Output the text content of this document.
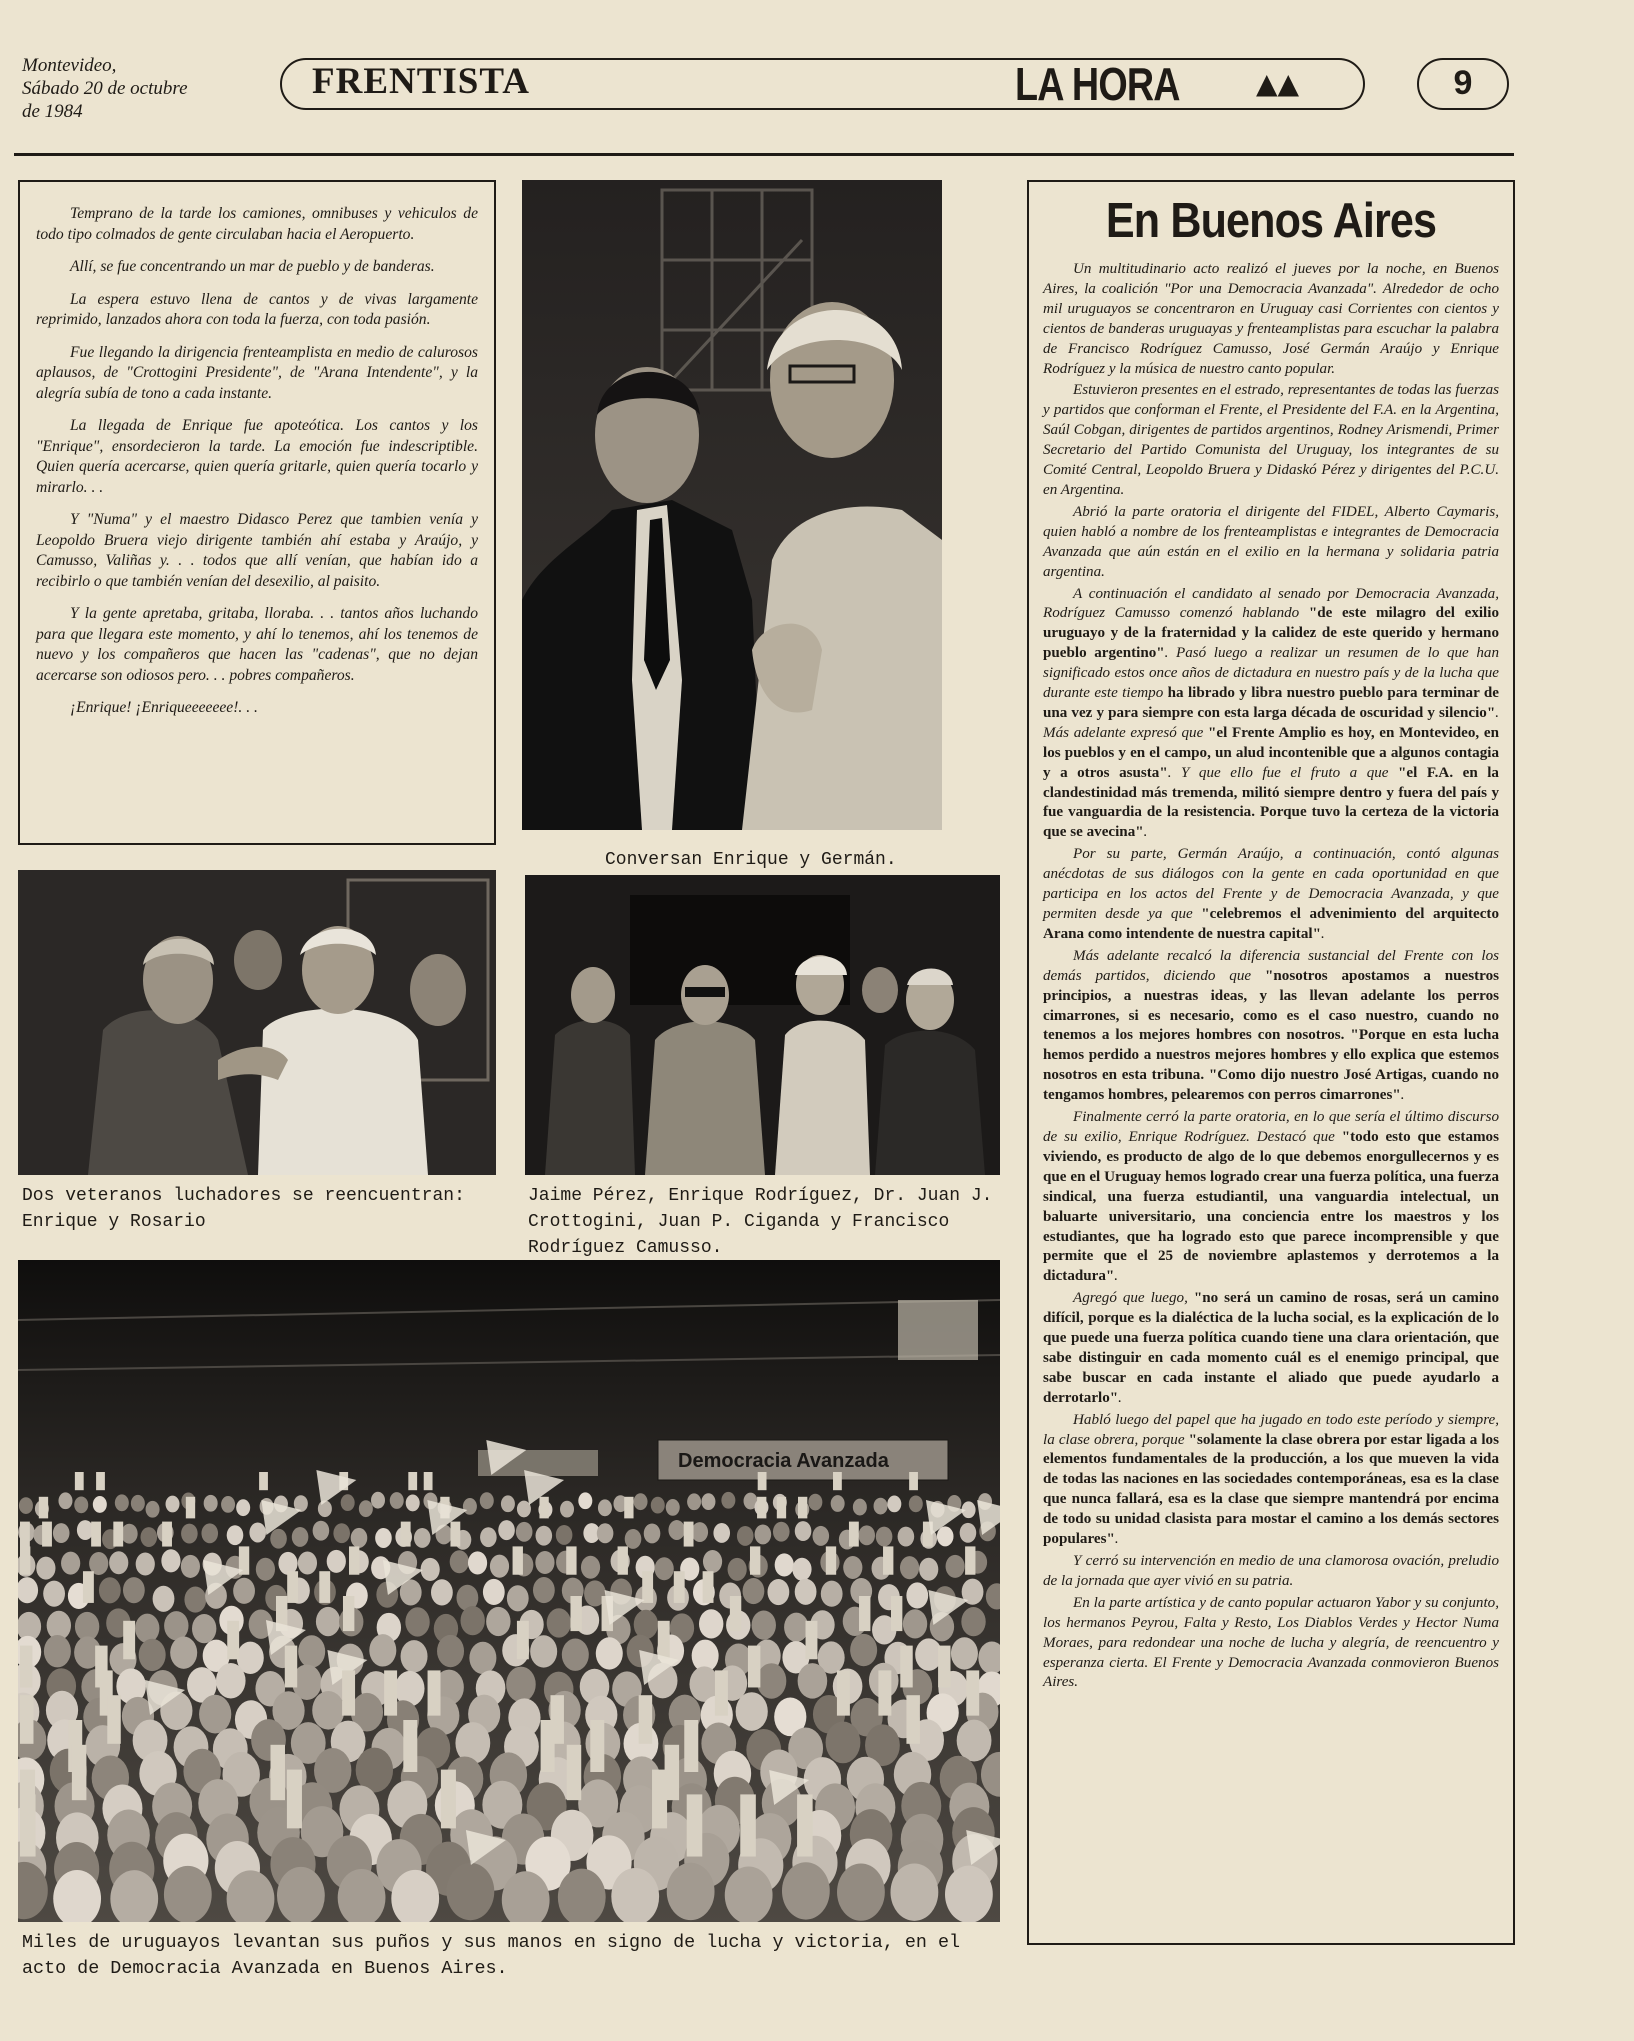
Montevideo,
Sábado 20 de octubre
de 1984
FRENTISTA	LA HORA	▲▲	9

Temprano de la tarde los camiones, omnibuses y vehiculos de todo tipo colmados de gente circulaban hacia el Aeropuerto.

Allí, se fue concentrando un mar de pueblo y de banderas.

La espera estuvo llena de cantos y de vivas largamente reprimido, lanzados ahora con toda la fuerza, con toda pasión.

Fue llegando la dirigencia frenteamplista en medio de calurosos aplausos, de "Crottogini Presidente", de "Arana Intendente", y la alegría subía de tono a cada instante.

La llegada de Enrique fue apoteótica. Los cantos y los "Enrique", ensordecieron la tarde. La emoción fue indescriptible. Quien quería acercarse, quien quería gritarle, quien quería tocarlo y mirarlo. . .

Y "Numa" y el maestro Didasco Perez que tambien venía y Leopoldo Bruera viejo dirigente también ahí estaba y Araújo, y Camusso, Valiñas y. . . todos que allí venían, que habían ido a recibirlo o que también venían del desexilio, al paisito.

Y la gente apretaba, gritaba, lloraba. . . tantos años luchando para que llegara este momento, y ahí lo tenemos, ahí los tenemos de nuevo y los compañeros que hacen las "cadenas", que no dejan acercarse son odiosos pero. . . pobres compañeros.

¡Enrique! ¡Enriqueeeeeee!. . .

Conversan Enrique y Germán.
Dos veteranos luchadores se reencuentran: Enrique y Rosario
Jaime Pérez, Enrique Rodríguez, Dr. Juan J. Crottogini, Juan P. Ciganda y Francisco Rodríguez Camusso.
Democracia Avanzada
Miles de uruguayos levantan sus puños y sus manos en signo de lucha y victoria, en el acto de Democracia Avanzada en Buenos Aires.
En Buenos Aires

Un multitudinario acto realizó el jueves por la noche, en Buenos Aires, la coalición "Por una Democracia Avanzada". Alrededor de ocho mil uruguayos se concentraron en Uruguay casi Corrientes con cientos y cientos de banderas uruguayas y frenteamplistas para escuchar la palabra de Francisco Rodríguez Camusso, José Germán Araújo y Enrique Rodríguez y la música de nuestro canto popular.

Estuvieron presentes en el estrado, representantes de todas las fuerzas y partidos que conforman el Frente, el Presidente del F.A. en la Argentina, Saúl Cobgan, dirigentes de partidos argentinos, Rodney Arismendi, Primer Secretario del Partido Comunista del Uruguay, los integrantes de su Comité Central, Leopoldo Bruera y Didaskó Pérez y dirigentes del P.C.U. en Argentina.

Abrió la parte oratoria el dirigente del FIDEL, Alberto Caymaris, quien habló a nombre de los frenteamplistas e integrantes de Democracia Avanzada que aún están en el exilio en la hermana y solidaria patria argentina.

A continuación el candidato al senado por Democracia Avanzada, Rodríguez Camusso comenzó hablando "de este milagro del exilio uruguayo y de la fraternidad y la calidez de este querido y hermano pueblo argentino". Pasó luego a realizar un resumen de lo que han significado estos once años de dictadura en nuestro país y de la lucha que durante este tiempo ha librado y libra nuestro pueblo para terminar de una vez y para siempre con esta larga década de oscuridad y silencio". Más adelante expresó que "el Frente Amplio es hoy, en Montevideo, en los pueblos y en el campo, un alud incontenible que a algunos contagia y a otros asusta". Y que ello fue el fruto a que "el F.A. en la clandestinidad más tremenda, militó siempre dentro y fuera del país y fue vanguardia de la resistencia. Porque tuvo la certeza de la victoria que se avecina".

Por su parte, Germán Araújo, a continuación, contó algunas anécdotas de sus diálogos con la gente en cada oportunidad en que participa en los actos del Frente y de Democracia Avanzada, y que permiten desde ya que "celebremos el advenimiento del arquitecto Arana como intendente de nuestra capital".

Más adelante recalcó la diferencia sustancial del Frente con los demás partidos, diciendo que "nosotros apostamos a nuestros principios, a nuestras ideas, y las llevan adelante los perros cimarrones, si es necesario, como es el caso nuestro, cuando no tenemos a los mejores hombres con nosotros. "Porque en esta lucha hemos perdido a nuestros mejores hombres y ello explica que estemos nosotros en esta tribuna. "Como dijo nuestro José Artigas, cuando no tengamos hombres, pelearemos con perros cimarrones".

Finalmente cerró la parte oratoria, en lo que sería el último discurso de su exilio, Enrique Rodríguez. Destacó que "todo esto que estamos viviendo, es producto de algo de lo que debemos enorgullecernos y es que en el Uruguay hemos logrado crear una fuerza política, una fuerza sindical, una fuerza estudiantil, una vanguardia intelectual, un baluarte universitario, una conciencia entre los maestros y los estudiantes, que ha logrado esto que parece incomprensible y que permite que el 25 de noviembre aplastemos y derrotemos a la dictadura".

Agregó que luego, "no será un camino de rosas, será un camino difícil, porque es la dialéctica de la lucha social, es la explicación de lo que puede una fuerza política cuando tiene una clara orientación, que sabe distinguir en cada momento cuál es el enemigo principal, que sabe buscar en cada instante el aliado que puede ayudarlo a derrotarlo".

Habló luego del papel que ha jugado en todo este período y siempre, la clase obrera, porque "solamente la clase obrera por estar ligada a los elementos fundamentales de la producción, a los que mueven la vida de todas las naciones en las sociedades contemporáneas, esa es la clase que nunca fallará, esa es la clase que siempre mantendrá por encima de todo su unidad clasista para mostar el camino a los demás sectores populares".

Y cerró su intervención en medio de una clamorosa ovación, preludio de la jornada que ayer vivió en su patria.

En la parte artística y de canto popular actuaron Yabor y su conjunto, los hermanos Peyrou, Falta y Resto, Los Diablos Verdes y Hector Numa Moraes, para redondear una noche de lucha y alegría, de reencuentro y esperanza cierta. El Frente y Democracia Avanzada conmovieron Buenos Aires.
